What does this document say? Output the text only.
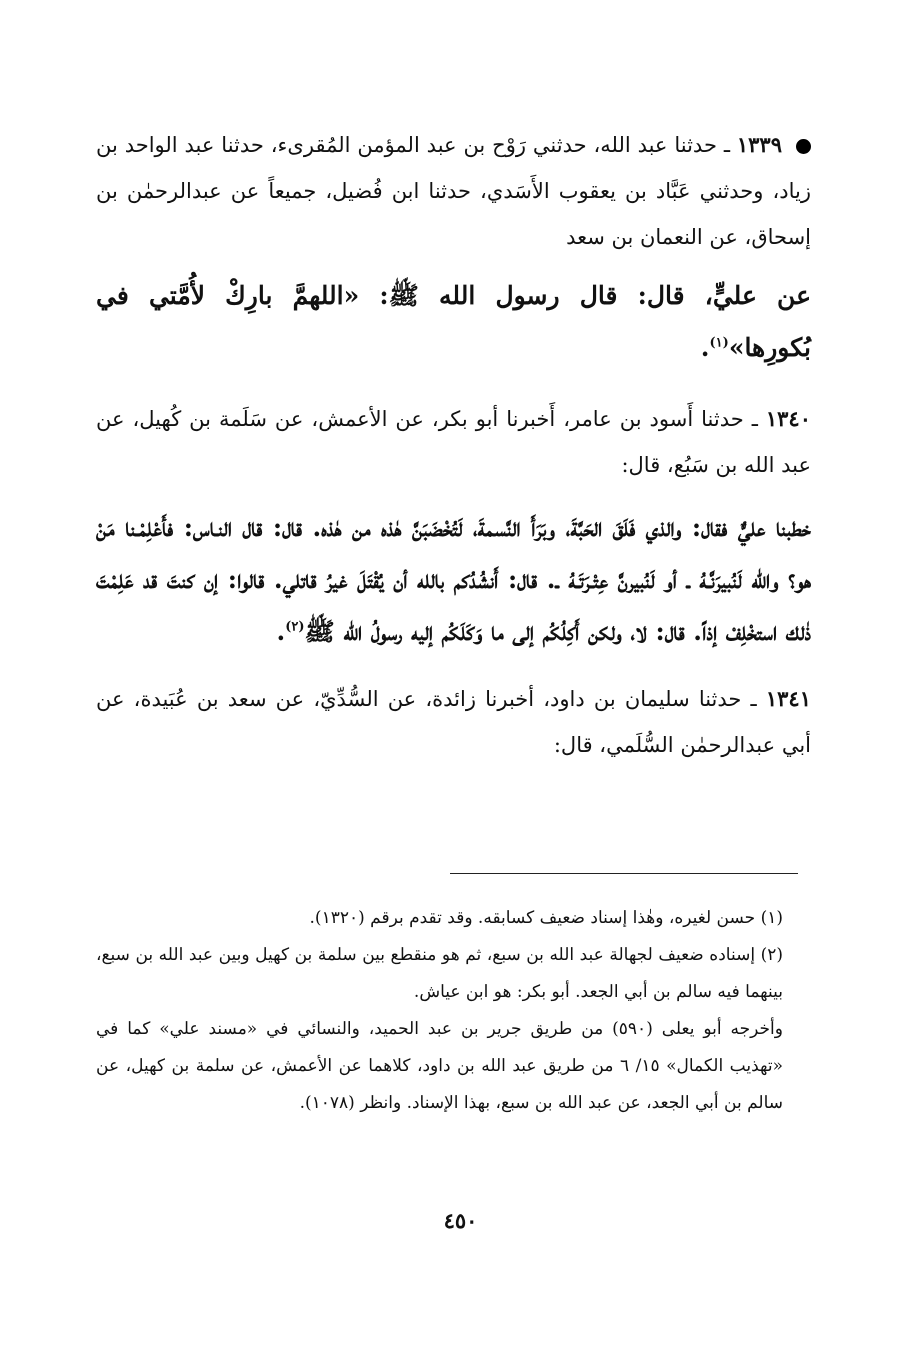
١٣٣٩ ـ حدثنا عبد الله، حدثني رَوْح بن عبد المؤمن المُقرىء، حدثنا عبد الواحد بن زياد، وحدثني عَبَّاد بن يعقوب الأَسَدي، حدثنا ابن فُضيل، جميعاً عن عبدالرحمٰن بن إسحاق، عن النعمان بن سعد

عن عليٍّ، قال: قال رسول الله ﷺ: «اللهمَّ بارِكْ لأُمَّتي في بُكورِها»$^{(١)}$.

١٣٤٠ ـ حدثنا أَسود بن عامر، أَخبرنا أبو بكر، عن الأعمش، عن سَلَمة بن كُهيل، عن عبد الله بن سَبُع، قال:

خطبنا عليٌّ فقال: والذي فَلَقَ الحَبَّةَ، وبَرَأَ النَّسمةَ، لَتُخْضَبَنَّ هٰذه من هٰذه. قال: قال النـاس: فأَعْلِمْـنا مَنْ هو؟ والله لَنُبيرَنَّـهُ ـ أو لَنُبيرنَّ عِتْـرَتَـهُ ـ. قال: أَنشُدُكم بالله أن يُقْتَلَ غيرُ قاتلي. قالوا: إن كنتَ قد عَلِمْتَ ذٰلك استخْلِفْ إذاً. قال: لا، ولكن أَكِلُكُم إلى ما وَكَلَكُم إليه رسولُ الله ﷺ$^{(٢)}$.

١٣٤١ ـ حدثنا سليمان بن داود، أخبرنا زائدة، عن السُّدِّيّ، عن سعد بن عُبَيدة، عن أبي عبدالرحمٰن السُّلَمي، قال:

(١) حسن لغيره، وهٰذا إسناد ضعيف كسابقه. وقد تقدم برقم (١٣٢٠).

(٢) إسناده ضعيف لجهالة عبد الله بن سبع، ثم هو منقطع بين سلمة بن كهيل وبين عبد الله بن سبع، بينهما فيه سالم بن أبي الجعد. أبو بكر: هو ابن عياش.

وأخرجه أبو يعلى (٥٩٠) من طريق جرير بن عبد الحميد، والنسائي في «مسند علي» كما في «تهذيب الكمال» ١٥/ ٦ من طريق عبد الله بن داود، كلاهما عن الأعمش، عن سلمة بن كهيل، عن سالم بن أبي الجعد، عن عبد الله بن سبع، بهذا الإسناد. وانظر (١٠٧٨).

٤٥٠
